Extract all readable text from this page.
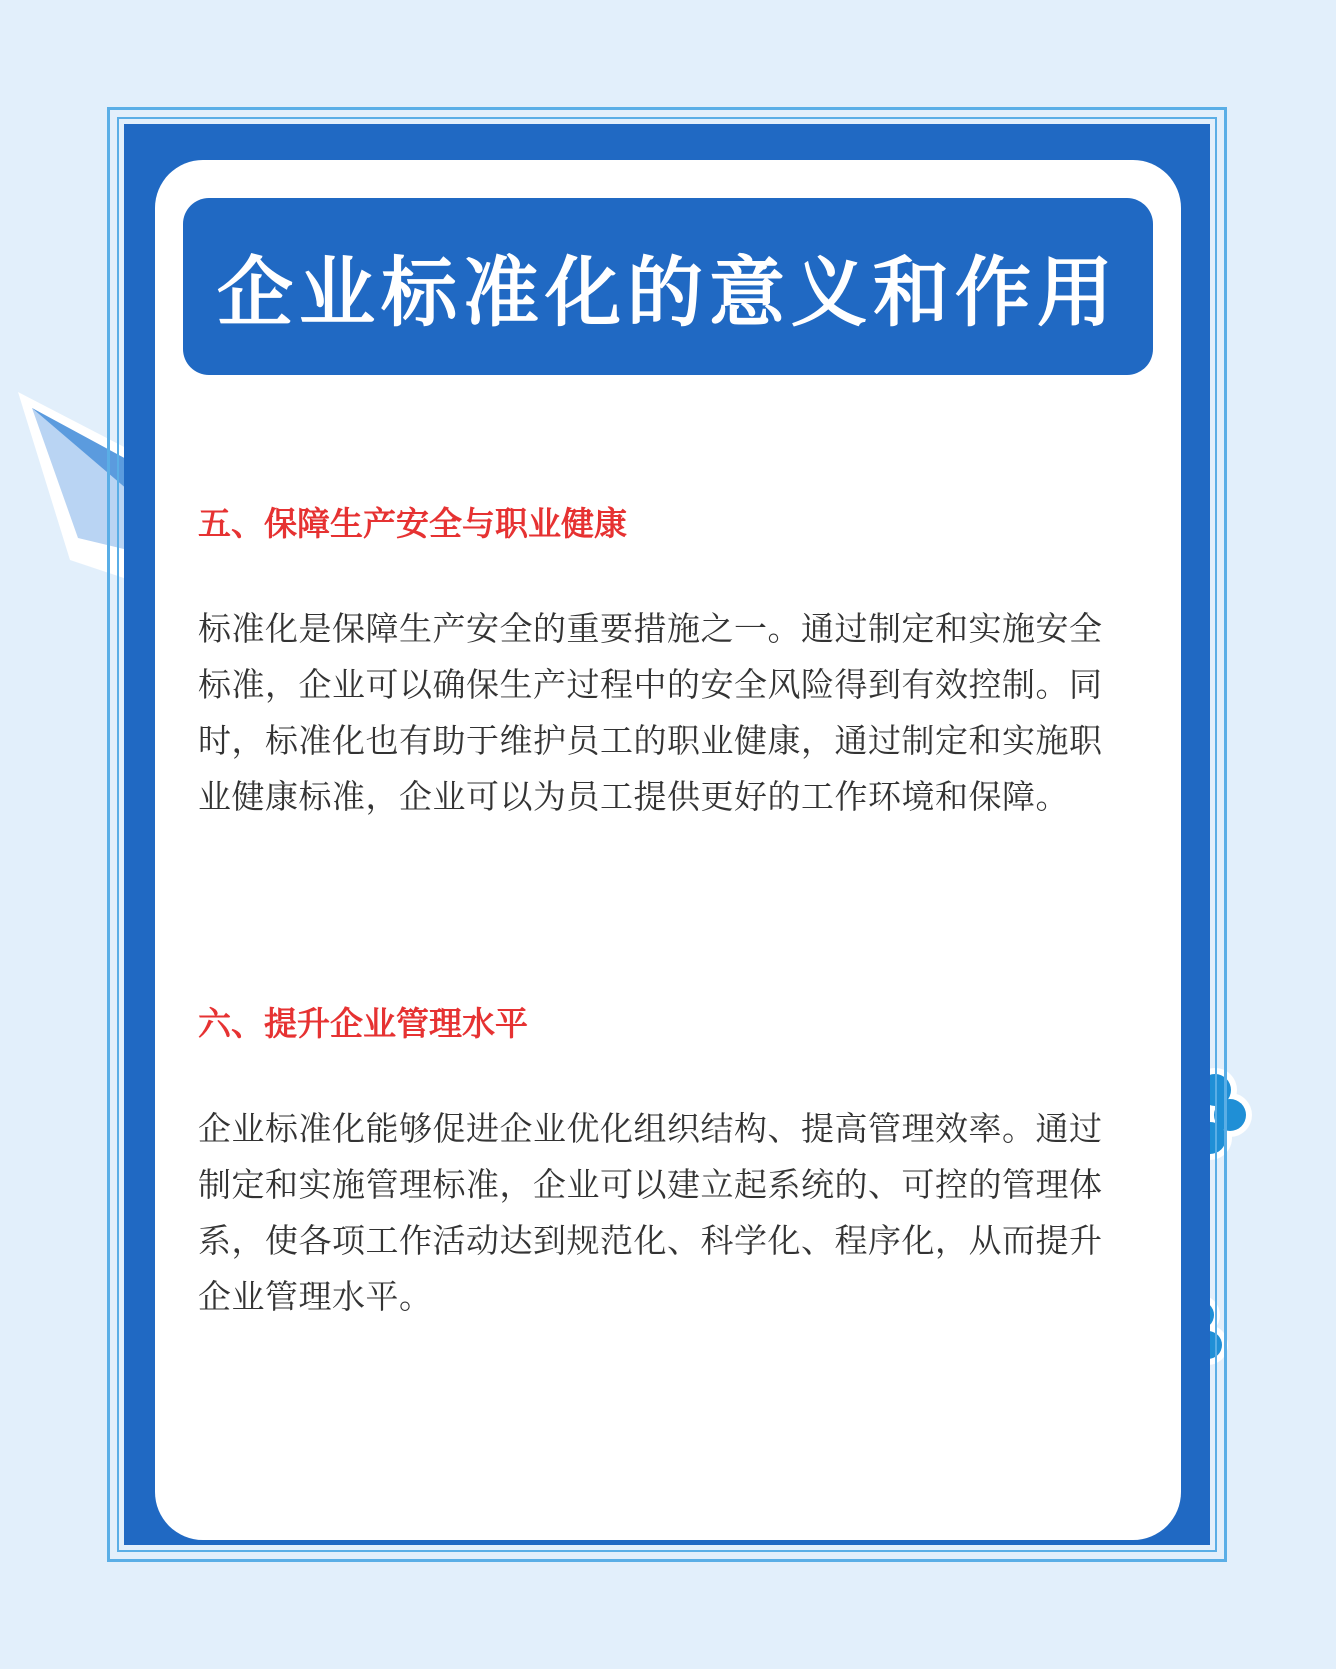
企业标准化的意义和作用
五、保障生产安全与职业健康

标准化是保障生产安全的重要措施之一。通过制定和实施安全标准，企业可以确保生产过程中的安全风险得到有效控制。同时，标准化也有助于维护员工的职业健康，通过制定和实施职业健康标准，企业可以为员工提供更好的工作环境和保障。

六、提升企业管理水平

企业标准化能够促进企业优化组织结构、提高管理效率。通过制定和实施管理标准，企业可以建立起系统的、可控的管理体系，使各项工作活动达到规范化、科学化、程序化，从而提升企业管理水平。
